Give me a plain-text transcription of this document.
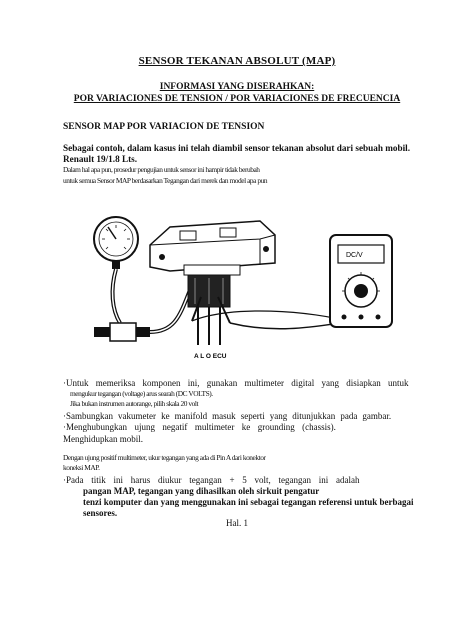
SENSOR TEKANAN ABSOLUT (MAP)
INFORMASI YANG DISERAHKAN:
POR VARIACIONES DE TENSION / POR VARIACIONES DE FRECUENCIA
SENSOR MAP POR VARIACION DE TENSION
Sebagai contoh, dalam kasus ini telah diambil sensor tekanan absolut dari sebuah mobil.
Renault 19/1.8 Lts.
Dalam hal apa pun, prosedur pengujian untuk sensor ini hampir tidak berubah
untuk semua Sensor MAP berdasarkan Tegangan dari merek dan model apa pun
A L O ECU
DC/V
·Untuk memeriksa komponen ini, gunakan multimeter digital yang disiapkan untuk
mengukur tegangan (voltage) arus searah (DC VOLTS).
Jika bukan instrumen autorange, pilih skala 20 volt
·Sambungkan vakumeter ke manifold masuk seperti yang ditunjukkan pada gambar.
·Menghubungkan ujung negatif multimeter ke grounding (chassis).
Menghidupkan mobil.
Dengan ujung positif multimeter, ukur tegangan yang ada di Pin A dari konektor
koneksi MAP.
·Pada titik ini harus diukur tegangan + 5 volt, tegangan ini adalah
pangan MAP, tegangan yang dihasilkan oleh sirkuit pengatur
tenzi komputer dan yang menggunakan ini sebagai tegangan referensi untuk berbagai
sensores.
Hal. 1
